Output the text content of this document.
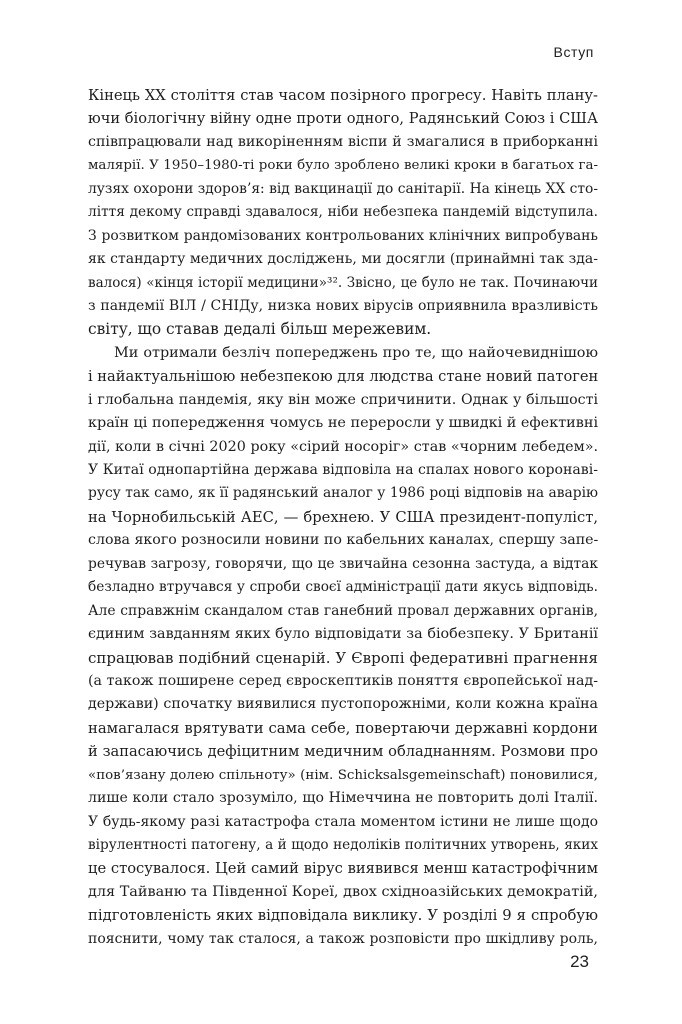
Вступ
Кінець ХХ століття став часом позірного прогресу. Навіть плану-
ючи біологічну війну одне проти одного, Радянський Союз і США
співпрацювали над викоріненням віспи й змагалися в приборканні
малярії. У 1950–1980-ті роки було зроблено великі кроки в багатьох га-
лузях охорони здоров’я: від вакцинації до санітарії. На кінець ХХ сто-
ліття декому справді здавалося, ніби небезпека пандемій відступила.
З розвитком рандомізованих контрольованих клінічних випробувань
як стандарту медичних досліджень, ми досягли (принаймні так зда-
валося) «кінця історії медицини»³². Звісно, це було не так. Починаючи
з пандемії ВІЛ / СНІДу, низка нових вірусів оприявнила вразливість
світу, що ставав дедалі більш мережевим.
Ми отримали безліч попереджень про те, що найочевиднішою
і найактуальнішою небезпекою для людства стане новий патоген
і глобальна пандемія, яку він може спричинити. Однак у більшості
країн ці попередження чомусь не переросли у швидкі й ефективні
дії, коли в січні 2020 року «сірий носоріг» став «чорним лебедем».
У Китаї однопартійна держава відповіла на спалах нового коронаві-
русу так само, як її радянський аналог у 1986 році відповів на аварію
на Чорнобильській АЕС, — брехнею. У США президент-популіст,
слова якого розносили новини по кабельних каналах, спершу запе-
речував загрозу, говорячи, що це звичайна сезонна застуда, а відтак
безладно втручався у спроби своєї адміністрації дати якусь відповідь.
Але справжнім скандалом став ганебний провал державних органів,
єдиним завданням яких було відповідати за біобезпеку. У Британії
спрацював подібний сценарій. У Європі федеративні прагнення
(а також поширене серед євроскептиків поняття європейської над-
держави) спочатку виявилися пустопорожніми, коли кожна країна
намагалася врятувати сама себе, повертаючи державні кордони
й запасаючись дефіцитним медичним обладнанням. Розмови про
«пов’язану долею спільноту» (нім. Schicksalsgemeinschaft) поновилися,
лише коли стало зрозуміло, що Німеччина не повторить долі Італії.
У будь-якому разі катастрофа стала моментом істини не лише щодо
вірулентності патогену, а й щодо недоліків політичних утворень, яких
це стосувалося. Цей самий вірус виявився менш катастрофічним
для Тайваню та Південної Кореї, двох східноазійських демократій,
підготовленість яких відповідала виклику. У розділі 9 я спробую
пояснити, чому так сталося, а також розповісти про шкідливу роль,
23
